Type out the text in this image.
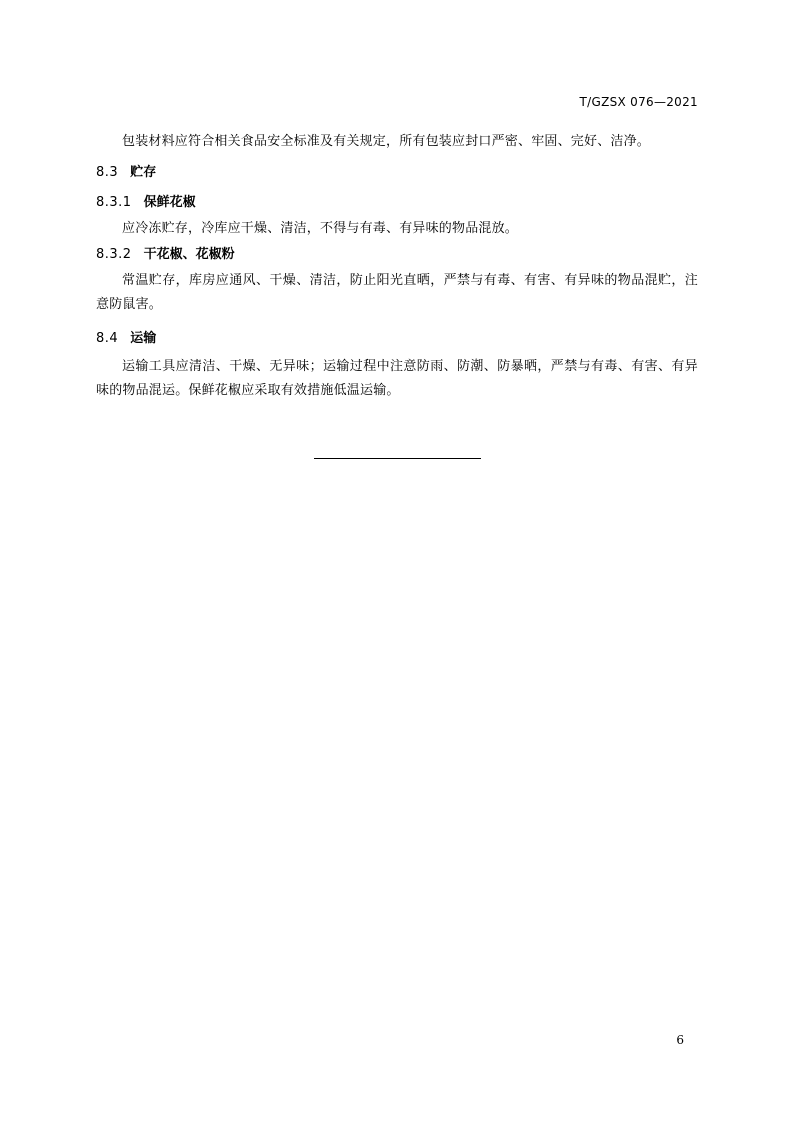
T/GZSX 076—2021

包装材料应符合相关食品安全标准及有关规定，所有包装应封口严密、牢固、完好、洁净。

8.3 贮存
8.3.1 保鲜花椒

应冷冻贮存，冷库应干燥、清洁，不得与有毒、有异味的物品混放。

8.3.2 干花椒、花椒粉

常温贮存，库房应通风、干燥、清洁，防止阳光直晒，严禁与有毒、有害、有异味的物品混贮，注意防鼠害。

8.4 运输

运输工具应清洁、干燥、无异味；运输过程中注意防雨、防潮、防暴晒，严禁与有毒、有害、有异味的物品混运。保鲜花椒应采取有效措施低温运输。

6
